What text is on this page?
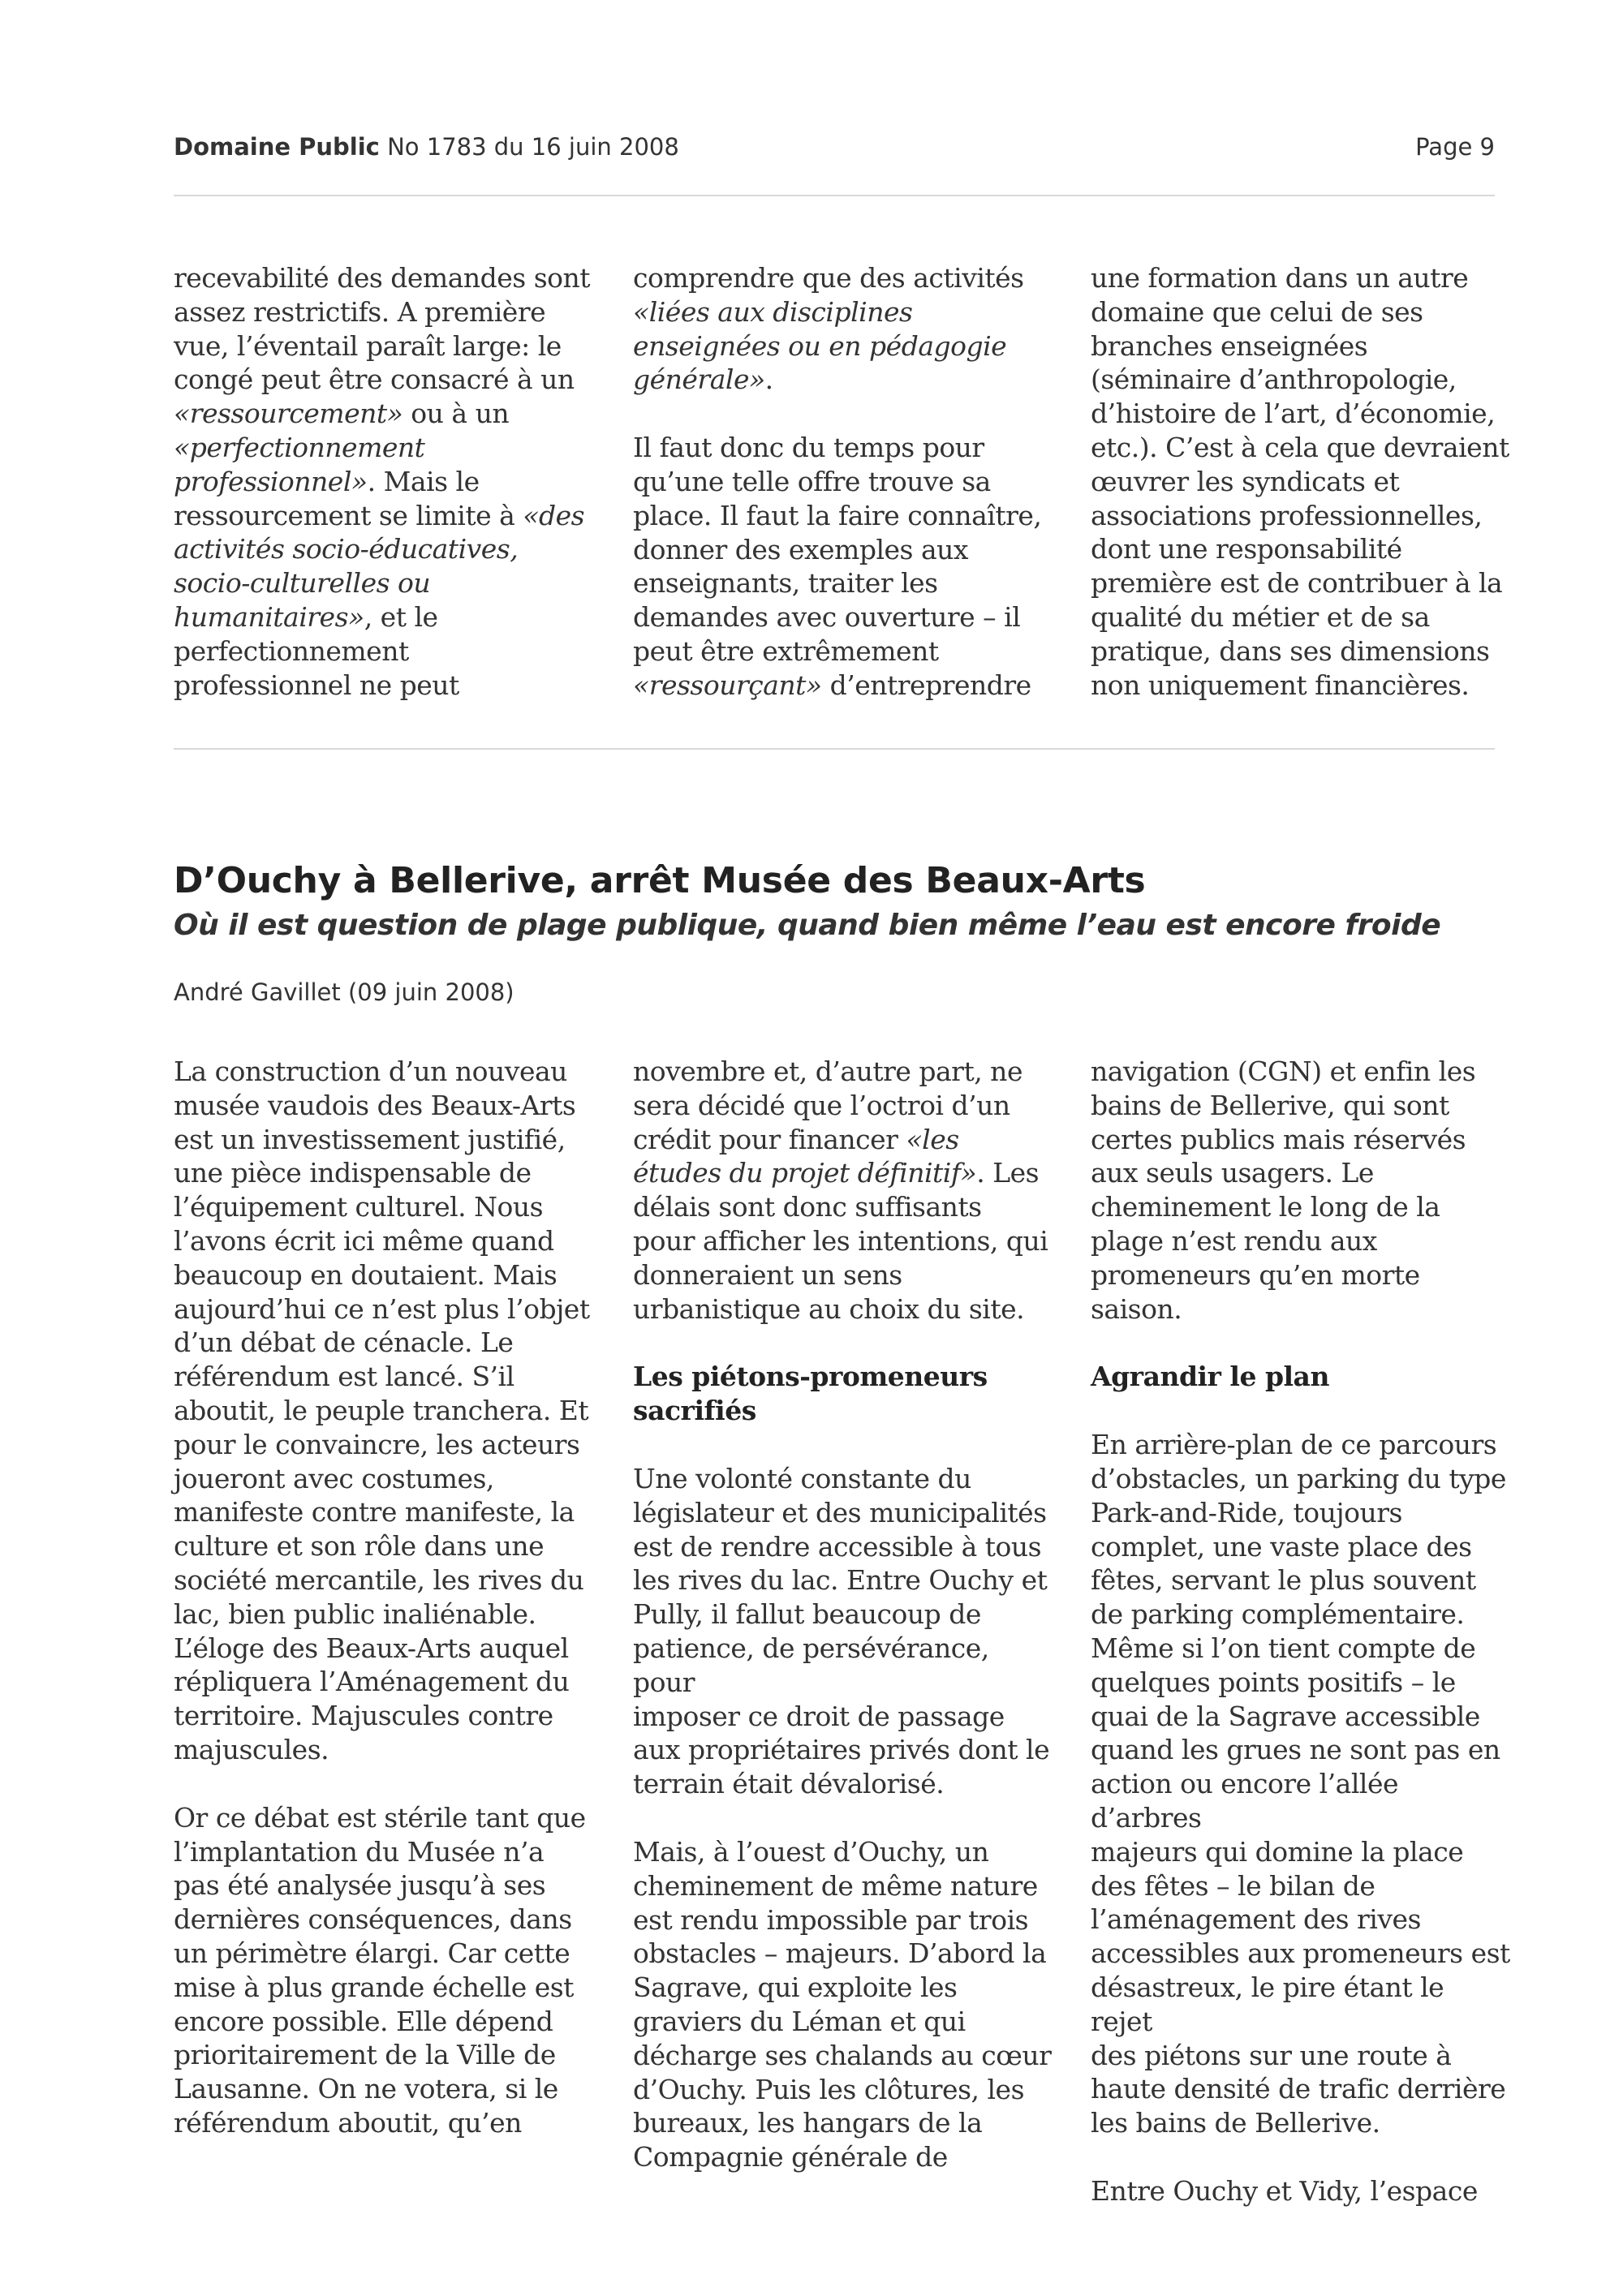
Domaine Public No 1783 du 16 juin 2008	Page 9

recevabilité des demandes sont
assez restrictifs. A première
vue, l’éventail paraît large: le
congé peut être consacré à un
«ressourcement» ou à un
«perfectionnement
professionnel». Mais le
ressourcement se limite à «des
activités socio-éducatives,
socio-culturelles ou
humanitaires», et le
perfectionnement
professionnel ne peut

comprendre que des activités
«liées aux disciplines
enseignées ou en pédagogie
générale».

Il faut donc du temps pour
qu’une telle offre trouve sa
place. Il faut la faire connaître,
donner des exemples aux
enseignants, traiter les
demandes avec ouverture – il
peut être extrêmement
«ressourçant» d’entreprendre

une formation dans un autre
domaine que celui de ses
branches enseignées
(séminaire d’anthropologie,
d’histoire de l’art, d’économie,
etc.). C’est à cela que devraient
œuvrer les syndicats et
associations professionnelles,
dont une responsabilité
première est de contribuer à la
qualité du métier et de sa
pratique, dans ses dimensions
non uniquement financières.

D’Ouchy à Bellerive, arrêt Musée des Beaux-Arts
Où il est question de plage publique, quand bien même l’eau est encore froide
André Gavillet (09 juin 2008)

La construction d’un nouveau
musée vaudois des Beaux-Arts
est un investissement justifié,
une pièce indispensable de
l’équipement culturel. Nous
l’avons écrit ici même quand
beaucoup en doutaient. Mais
aujourd’hui ce n’est plus l’objet
d’un débat de cénacle. Le
référendum est lancé. S’il
aboutit, le peuple tranchera. Et
pour le convaincre, les acteurs
joueront avec costumes,
manifeste contre manifeste, la
culture et son rôle dans une
société mercantile, les rives du
lac, bien public inaliénable.
L’éloge des Beaux-Arts auquel
répliquera l’Aménagement du
territoire. Majuscules contre
majuscules.

Or ce débat est stérile tant que
l’implantation du Musée n’a
pas été analysée jusqu’à ses
dernières conséquences, dans
un périmètre élargi. Car cette
mise à plus grande échelle est
encore possible. Elle dépend
prioritairement de la Ville de
Lausanne. On ne votera, si le
référendum aboutit, qu’en

novembre et, d’autre part, ne
sera décidé que l’octroi d’un
crédit pour financer «les
études du projet définitif». Les
délais sont donc suffisants
pour afficher les intentions, qui
donneraient un sens
urbanistique au choix du site.

Les piétons-promeneurs
sacrifiés

Une volonté constante du
législateur et des municipalités
est de rendre accessible à tous
les rives du lac. Entre Ouchy et
Pully, il fallut beaucoup de
patience, de persévérance, pour
imposer ce droit de passage
aux propriétaires privés dont le
terrain était dévalorisé.

Mais, à l’ouest d’Ouchy, un
cheminement de même nature
est rendu impossible par trois
obstacles – majeurs. D’abord la
Sagrave, qui exploite les
graviers du Léman et qui
décharge ses chalands au cœur
d’Ouchy. Puis les clôtures, les
bureaux, les hangars de la
Compagnie générale de

navigation (CGN) et enfin les
bains de Bellerive, qui sont
certes publics mais réservés
aux seuls usagers. Le
cheminement le long de la
plage n’est rendu aux
promeneurs qu’en morte
saison.

Agrandir le plan

En arrière-plan de ce parcours
d’obstacles, un parking du type
Park-and-Ride, toujours
complet, une vaste place des
fêtes, servant le plus souvent
de parking complémentaire.
Même si l’on tient compte de
quelques points positifs – le
quai de la Sagrave accessible
quand les grues ne sont pas en
action ou encore l’allée d’arbres
majeurs qui domine la place
des fêtes – le bilan de
l’aménagement des rives
accessibles aux promeneurs est
désastreux, le pire étant le rejet
des piétons sur une route à
haute densité de trafic derrière
les bains de Bellerive.

Entre Ouchy et Vidy, l’espace
